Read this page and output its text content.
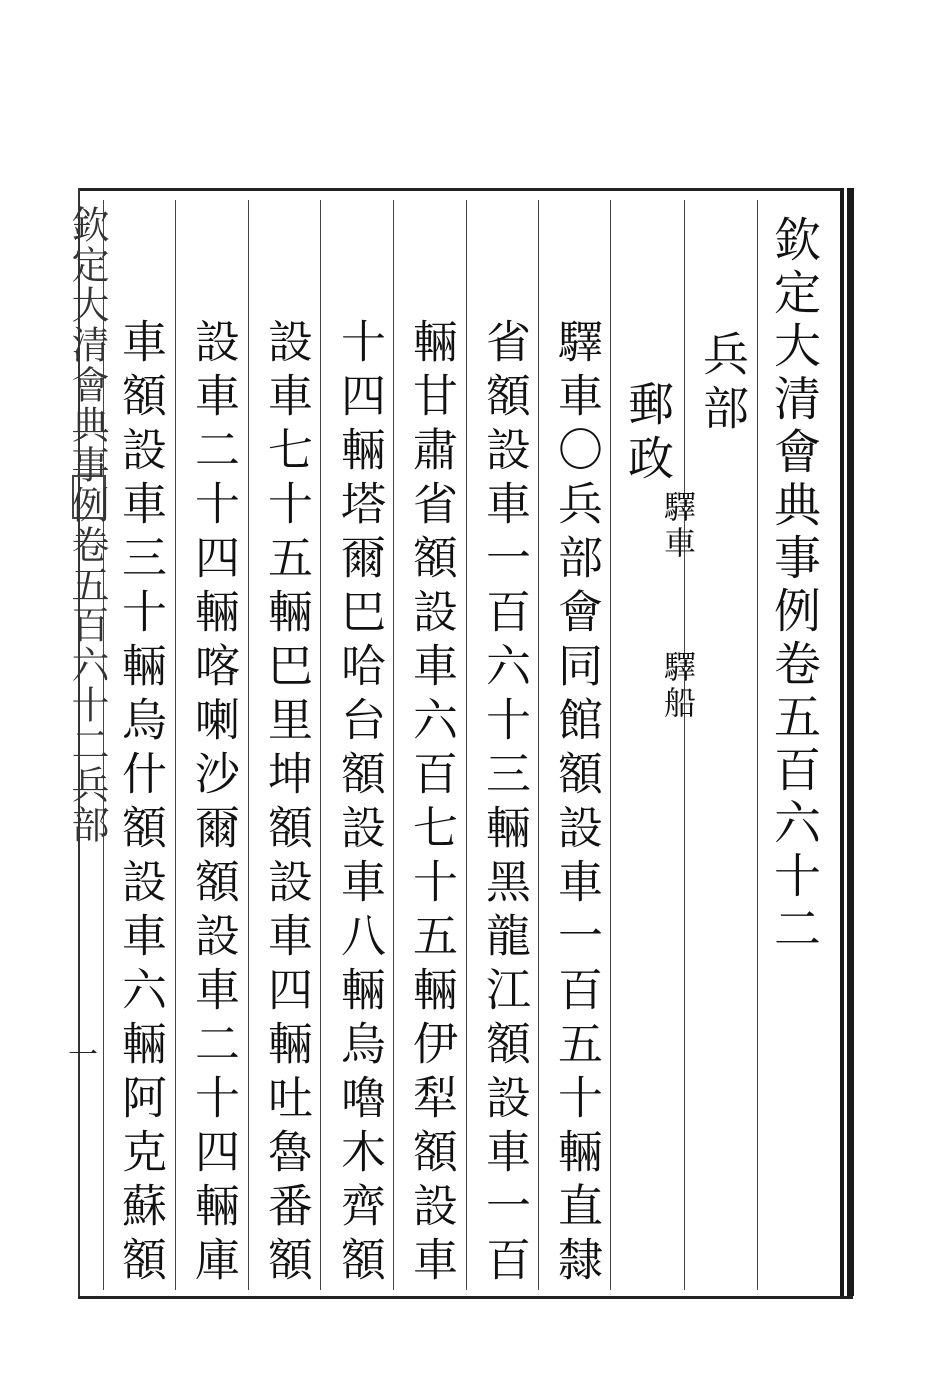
欽定大清會典事例卷五百六十二
兵部
郵政
驛車
驛船
驛車〇兵部會同館額設車一百五十輛直隸
省額設車一百六十三輛黑龍江額設車一百
輛甘肅省額設車六百七十五輛伊犁額設車
十四輛塔爾巴哈台額設車八輛烏嚕木齊額
設車七十五輛巴里坤額設車四輛吐魯番額
設車二十四輛喀喇沙爾額設車二十四輛庫
車額設車三十輛烏什額設車六輛阿克蘇額
欽定大清會典事例卷五百六十二兵部
一
